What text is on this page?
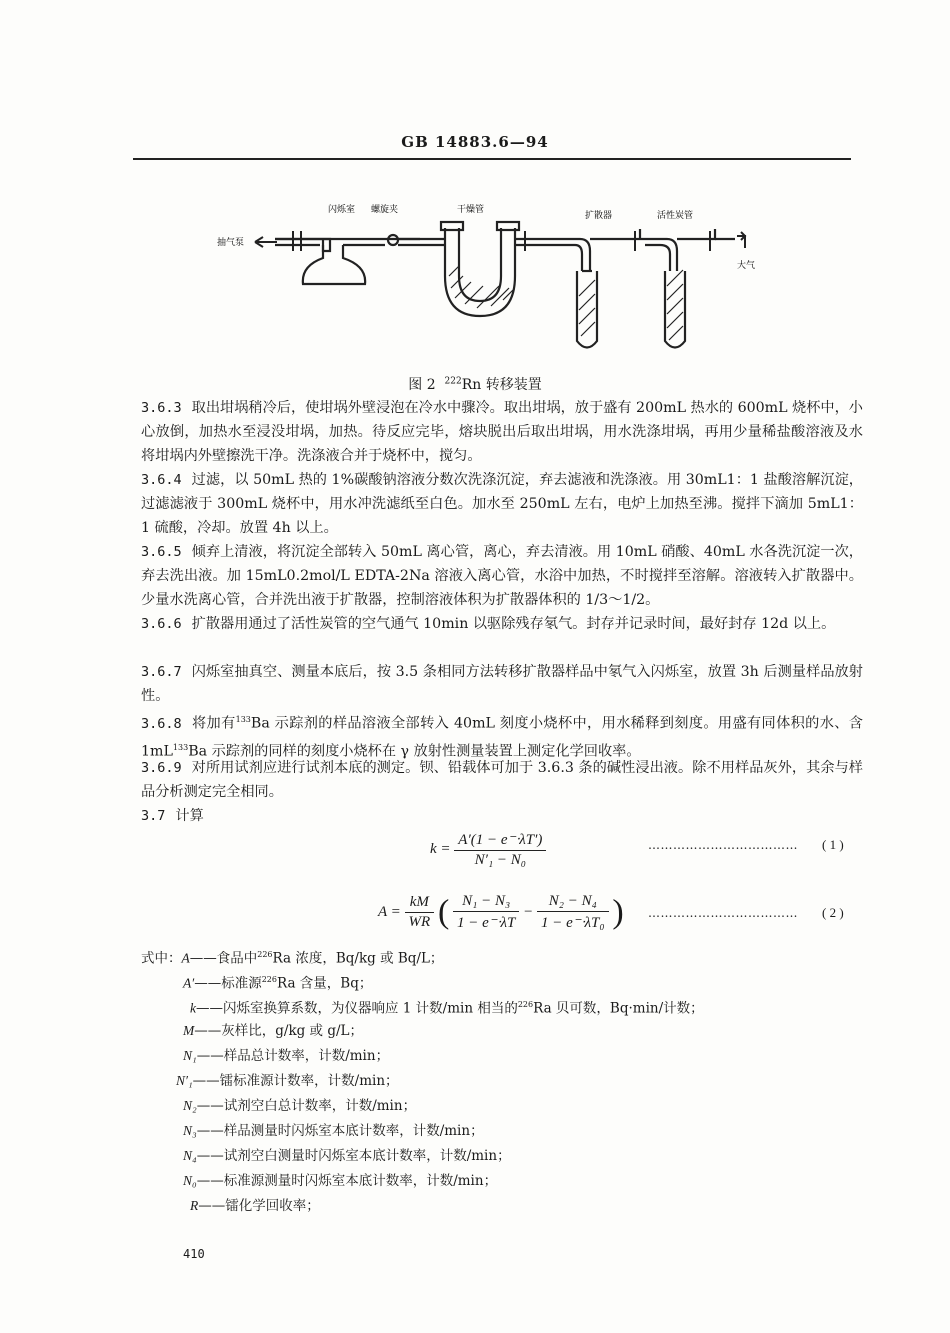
GB 14883.6—94
抽气泵
闪烁室 螺旋夹	干燥管
扩散器	活性炭管
大气
图 2 $^{222}$Rn 转移装置
3.6.3 取出坩埚稍冷后，使坩埚外壁浸泡在冷水中骤冷。取出坩埚，放于盛有 200mL 热水的 600mL 烧杯中，小心放倒，加热水至浸没坩埚，加热。待反应完毕，熔块脱出后取出坩埚，用水洗涤坩埚，再用少量稀盐酸溶液及水将坩埚内外壁擦洗干净。洗涤液合并于烧杯中，搅匀。
3.6.4 过滤，以 50mL 热的 1%碳酸钠溶液分数次洗涤沉淀，弃去滤液和洗涤液。用 30mL1：1 盐酸溶解沉淀，过滤滤液于 300mL 烧杯中，用水冲洗滤纸至白色。加水至 250mL 左右，电炉上加热至沸。搅拌下滴加 5mL1：1 硫酸，冷却。放置 4h 以上。
3.6.5 倾弃上清液，将沉淀全部转入 50mL 离心管，离心，弃去清液。用 10mL 硝酸、40mL 水各洗沉淀一次，弃去洗出液。加 15mL0.2mol/L EDTA-2Na 溶液入离心管，水浴中加热，不时搅拌至溶解。溶液转入扩散器中。少量水洗离心管，合并洗出液于扩散器，控制溶液体积为扩散器体积的 1/3～1/2。
3.6.6 扩散器用通过了活性炭管的空气通气 10min 以驱除残存氡气。封存并记录时间，最好封存 12d 以上。
3.6.7 闪烁室抽真空、测量本底后，按 3.5 条相同方法转移扩散器样品中氡气入闪烁室，放置 3h 后测量样品放射性。
3.6.8 将加有$^{133}$Ba 示踪剂的样品溶液全部转入 40mL 刻度小烧杯中，用水稀释到刻度。用盛有同体积的水、含 $1mL^{133}Ba$ 示踪剂的同样的刻度小烧杯在 γ 放射性测量装置上测定化学回收率。
3.6.9 对所用试剂应进行试剂本底的测定。钡、铅载体可加于 3.6.3 条的碱性浸出液。除不用样品灰外，其余与样品分析测定完全相同。
3.7 计算
$k = \frac{\text{A′(1 − e⁻ᐧλT′)}}{\text{N′₁ − N₀}}$	……………………………… ( 1 )
$A = \frac{kM}{WR}$ ( $\frac{\text{N₁ − N₃}}{\text{1 − e⁻ᐧλT}} - \frac{\text{N₂ − N₄}}{\text{1 − e⁻ᐧλT₀}}$ ) ……………………………… ( 2 )
式中：A——食品中$^{226}$Ra 浓度，Bq/kg 或 Bq/L；
A′——标准源$^{226}$Ra 含量，Bq；
k——闪烁室换算系数，为仪器响应 1 计数/min 相当的$^{226}$Ra 贝可数，Bq·min/计数；
M——灰样比，g/kg 或 g/L；
N₁——样品总计数率，计数/min；
N′₁——镭标准源计数率，计数/min；
N₂——试剂空白总计数率，计数/min；
N₃——样品测量时闪烁室本底计数率，计数/min；
N₄——试剂空白测量时闪烁室本底计数率，计数/min；
N₀——标准源测量时闪烁室本底计数率，计数/min；
R——镭化学回收率；
410
